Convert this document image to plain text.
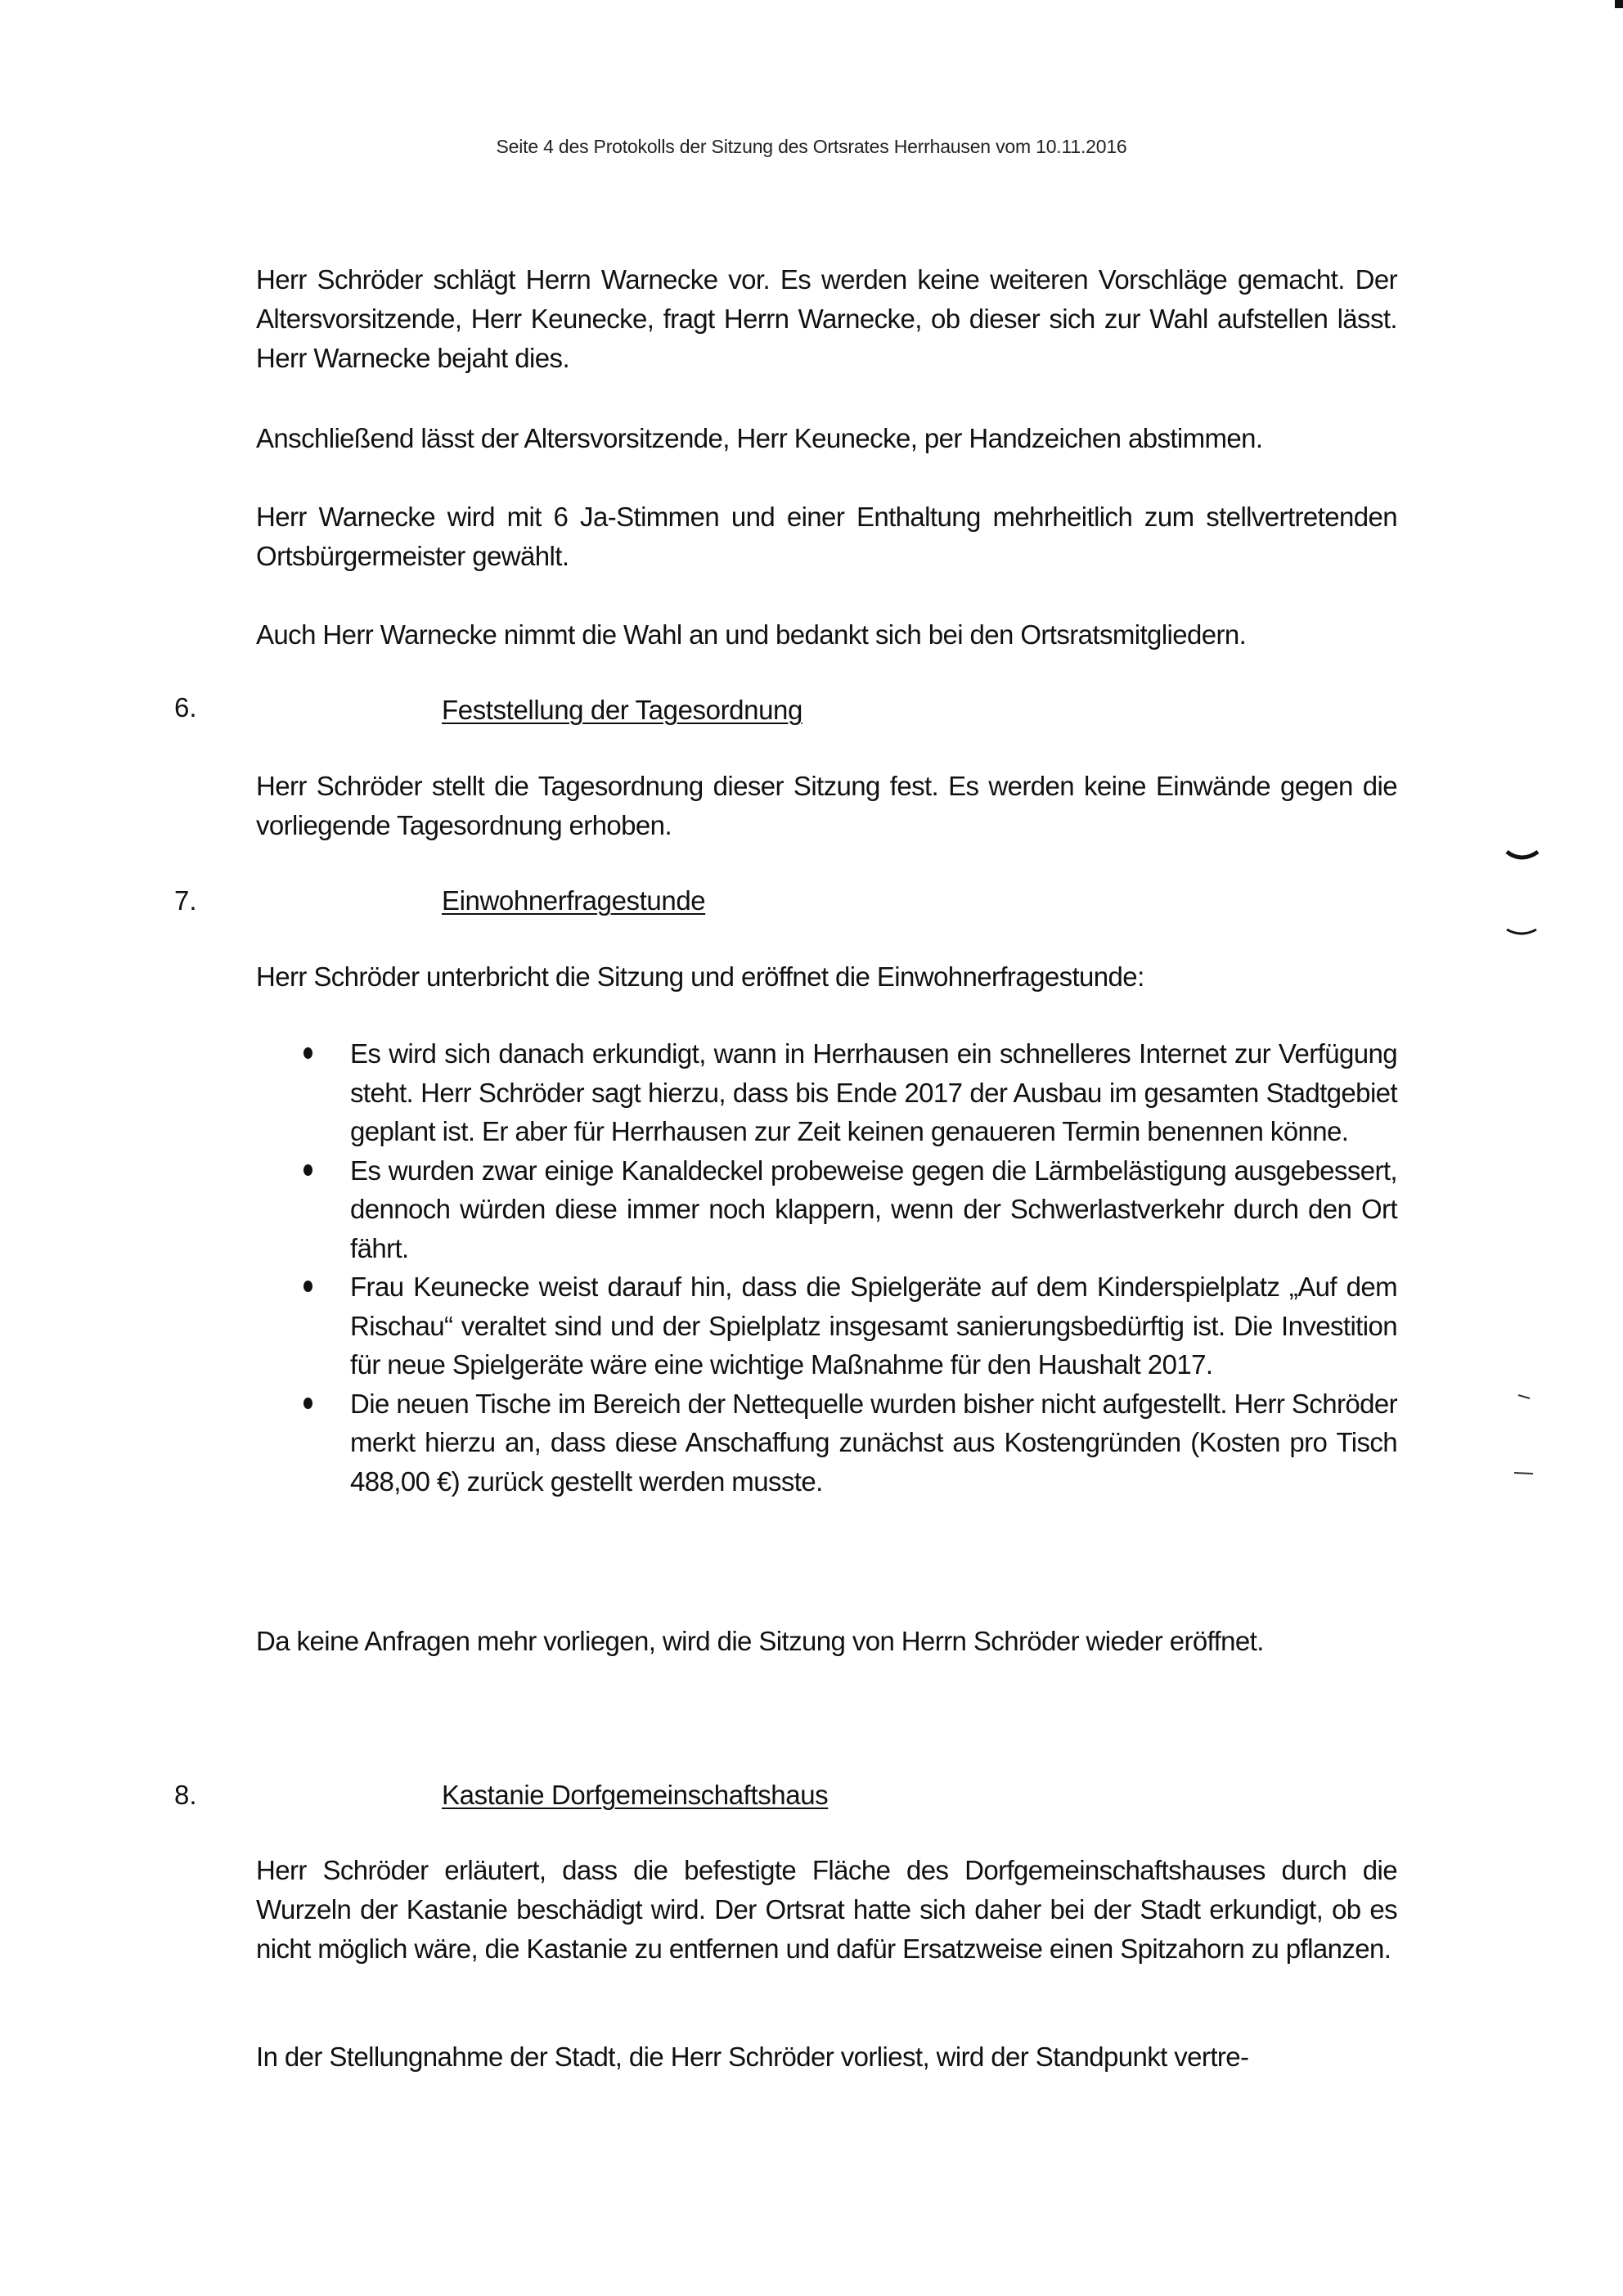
Seite 4 des Protokolls der Sitzung des Ortsrates Herrhausen vom 10.11.2016
Herr Schröder schlägt Herrn Warnecke vor. Es werden keine weiteren Vorschläge gemacht. Der Altersvorsitzende, Herr Keunecke, fragt Herrn Warnecke, ob dieser sich zur Wahl aufstellen lässt. Herr Warnecke bejaht dies.
Anschließend lässt der Altersvorsitzende, Herr Keunecke, per Handzeichen abstimmen.
Herr Warnecke wird mit 6 Ja-Stimmen und einer Enthaltung mehrheitlich zum stellvertretenden Ortsbürgermeister gewählt.
Auch Herr Warnecke nimmt die Wahl an und bedankt sich bei den Ortsratsmitgliedern.
6.	Feststellung der Tagesordnung
Herr Schröder stellt die Tagesordnung dieser Sitzung fest. Es werden keine Einwände gegen die vorliegende Tagesordnung erhoben.
7.	Einwohnerfragestunde
Herr Schröder unterbricht die Sitzung und eröffnet die Einwohnerfragestunde:
Es wird sich danach erkundigt, wann in Herrhausen ein schnelleres Internet zur Verfügung steht. Herr Schröder sagt hierzu, dass bis Ende 2017 der Ausbau im gesamten Stadtgebiet geplant ist. Er aber für Herrhausen zur Zeit keinen genaueren Termin benennen könne.
Es wurden zwar einige Kanaldeckel probeweise gegen die Lärmbelästigung ausgebessert, dennoch würden diese immer noch klappern, wenn der Schwerlastverkehr durch den Ort fährt.
Frau Keunecke weist darauf hin, dass die Spielgeräte auf dem Kinderspielplatz „Auf dem Rischau“ veraltet sind und der Spielplatz insgesamt sanierungsbedürftig ist. Die Investition für neue Spielgeräte wäre eine wichtige Maßnahme für den Haushalt 2017.
Die neuen Tische im Bereich der Nettequelle wurden bisher nicht aufgestellt. Herr Schröder merkt hierzu an, dass diese Anschaffung zunächst aus Kostengründen (Kosten pro Tisch 488,00 €) zurück gestellt werden musste.
Da keine Anfragen mehr vorliegen, wird die Sitzung von Herrn Schröder wieder eröffnet.
8.	Kastanie Dorfgemeinschaftshaus
Herr Schröder erläutert, dass die befestigte Fläche des Dorfgemeinschaftshauses durch die Wurzeln der Kastanie beschädigt wird. Der Ortsrat hatte sich daher bei der Stadt erkundigt, ob es nicht möglich wäre, die Kastanie zu entfernen und dafür Ersatzweise einen Spitzahorn zu pflanzen.
In der Stellungnahme der Stadt, die Herr Schröder vorliest, wird der Standpunkt vertre-
